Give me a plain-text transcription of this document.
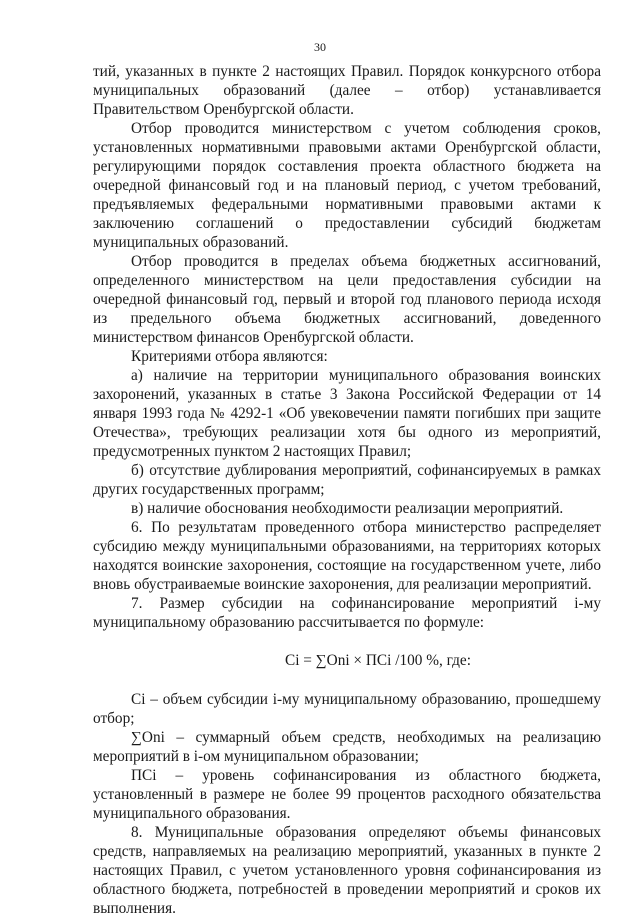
30

тий, указанных в пункте 2 настоящих Правил. Порядок конкурсного отбора муниципальных образований (далее – отбор) устанавливается Правительством Оренбургской области.

Отбор проводится министерством с учетом соблюдения сроков, установленных нормативными правовыми актами Оренбургской области, регулирующими порядок составления проекта областного бюджета на очередной финансовый год и на плановый период, с учетом требований, предъявляемых федеральными нормативными правовыми актами к заключению соглашений о предоставлении субсидий бюджетам муниципальных образований.

Отбор проводится в пределах объема бюджетных ассигнований, определенного министерством на цели предоставления субсидии на очередной финансовый год, первый и второй год планового периода исходя из предельного объема бюджетных ассигнований, доведенного министерством финансов Оренбургской области.

Критериями отбора являются:

а) наличие на территории муниципального образования воинских захоронений, указанных в статье 3 Закона Российской Федерации от 14 января 1993 года № 4292-1 «Об увековечении памяти погибших при защите Отечества», требующих реализации хотя бы одного из мероприятий, предусмотренных пунктом 2 настоящих Правил;

б) отсутствие дублирования мероприятий, софинансируемых в рамках других государственных программ;

в) наличие обоснования необходимости реализации мероприятий.

6. По результатам проведенного отбора министерство распределяет субсидию между муниципальными образованиями, на территориях которых находятся воинские захоронения, состоящие на государственном учете, либо вновь обустраиваемые воинские захоронения, для реализации мероприятий.

7. Размер субсидии на софинансирование мероприятий i-му муниципальному образованию рассчитывается по формуле:

Ci = ∑Oni × ПСi /100 %, где:

Ci – объем субсидии i-му муниципальному образованию, прошедшему отбор;

∑Oni – суммарный объем средств, необходимых на реализацию мероприятий в i-ом муниципальном образовании;

ПСi – уровень софинансирования из областного бюджета, установленный в размере не более 99 процентов расходного обязательства муниципального образования.

8. Муниципальные образования определяют объемы финансовых средств, направляемых на реализацию мероприятий, указанных в пункте 2 настоящих Правил, с учетом установленного уровня софинансирования из областного бюджета, потребностей в проведении мероприятий и сроков их выполнения.
